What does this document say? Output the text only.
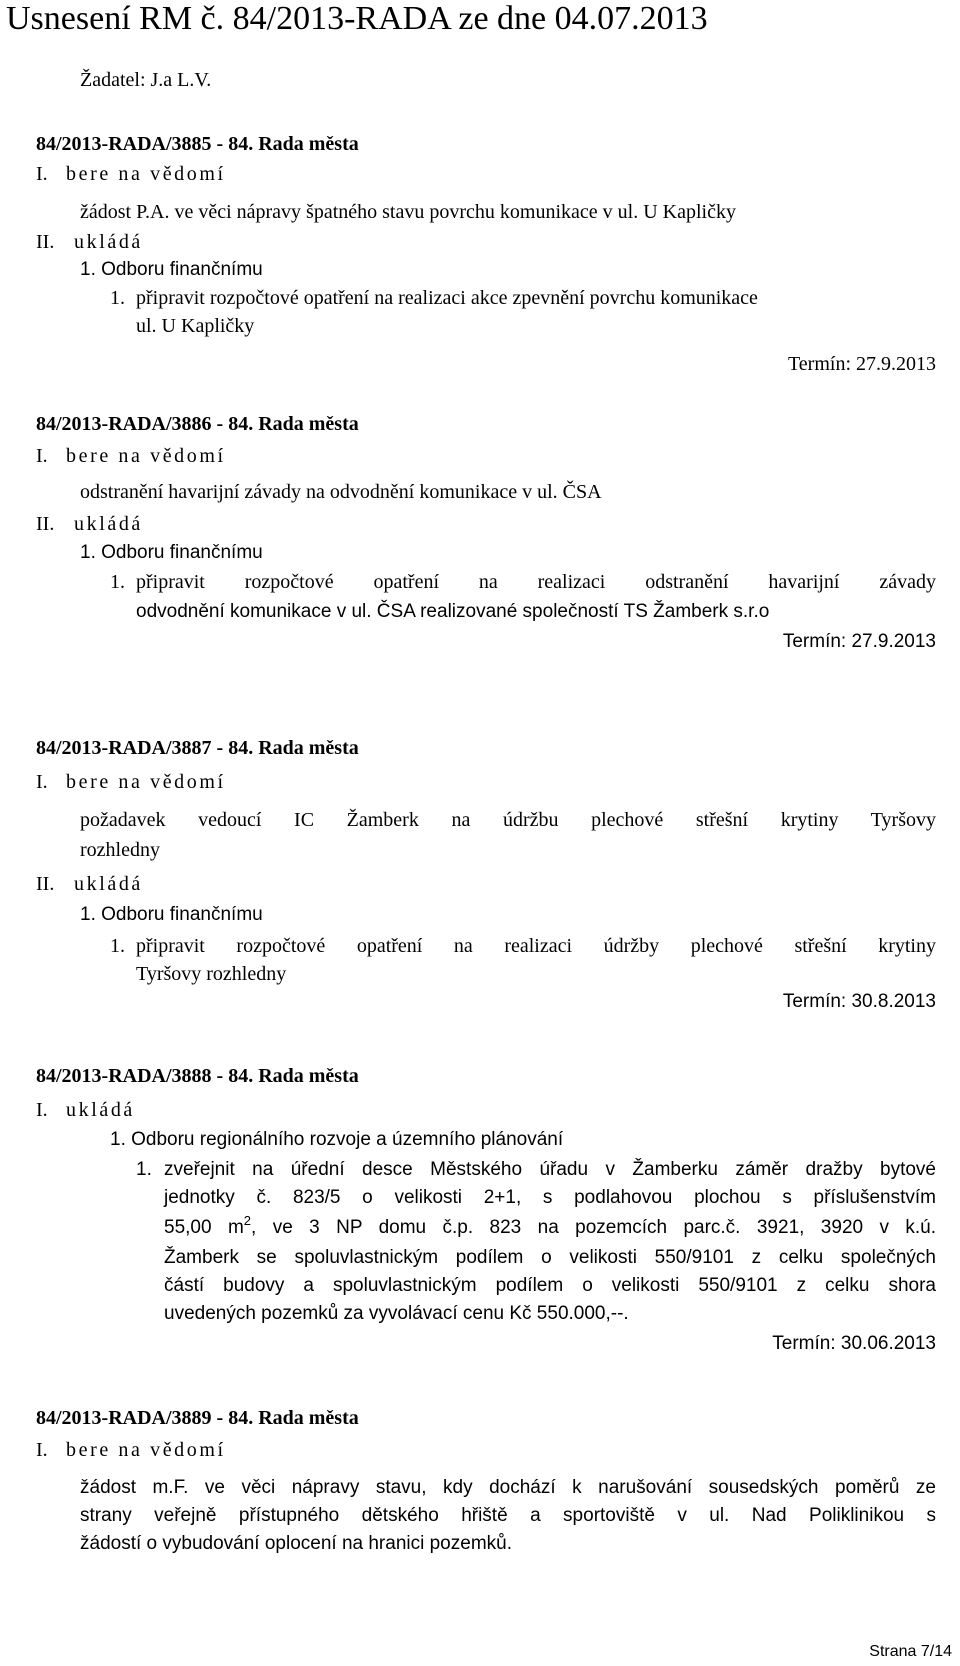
Usnesení RM č. 84/2013-RADA ze dne 04.07.2013
Žadatel: J.a L.V.
84/2013-RADA/3885 - 84. Rada města
I. bere na vědomí
žádost P.A. ve věci nápravy špatného stavu povrchu komunikace v ul. U Kapličky
II. ukládá
1. Odboru finančnímu
1. připravit rozpočtové opatření na realizaci akce zpevnění povrchu komunikace
ul. U Kapličky
Termín: 27.9.2013
84/2013-RADA/3886 - 84. Rada města
I. bere na vědomí
odstranění havarijní závady na odvodnění komunikace v ul. ČSA
II. ukládá
1. Odboru finančnímu
1. připravit rozpočtové opatření na realizaci odstranění havarijní závady
odvodnění komunikace v ul. ČSA realizované společností TS Žamberk s.r.o
Termín: 27.9.2013
84/2013-RADA/3887 - 84. Rada města
I. bere na vědomí
požadavek vedoucí IC Žamberk na údržbu plechové střešní krytiny Tyršovy
rozhledny
II. ukládá
1. Odboru finančnímu
1. připravit rozpočtové opatření na realizaci údržby plechové střešní krytiny
Tyršovy rozhledny
Termín: 30.8.2013
84/2013-RADA/3888 - 84. Rada města
I. ukládá
1. Odboru regionálního rozvoje a územního plánování
1. zveřejnit na úřední desce Městského úřadu v Žamberku záměr dražby bytové
jednotky č. 823/5 o velikosti 2+1, s podlahovou plochou s příslušenstvím
55,00 $m^2$, ve 3 NP domu č.p. 823 na pozemcích parc.č. 3921, 3920 v k.ú.
Žamberk se spoluvlastnickým podílem o velikosti 550/9101 z celku společných
částí budovy a spoluvlastnickým podílem o velikosti 550/9101 z celku shora
uvedených pozemků za vyvolávací cenu Kč 550.000,--.
Termín: 30.06.2013
84/2013-RADA/3889 - 84. Rada města
I. bere na vědomí
žádost m.F. ve věci nápravy stavu, kdy dochází k narušování sousedských poměrů ze
strany veřejně přístupného dětského hřiště a sportoviště v ul. Nad Poliklinikou s
žádostí o vybudování oplocení na hranici pozemků.
Strana 7/14
